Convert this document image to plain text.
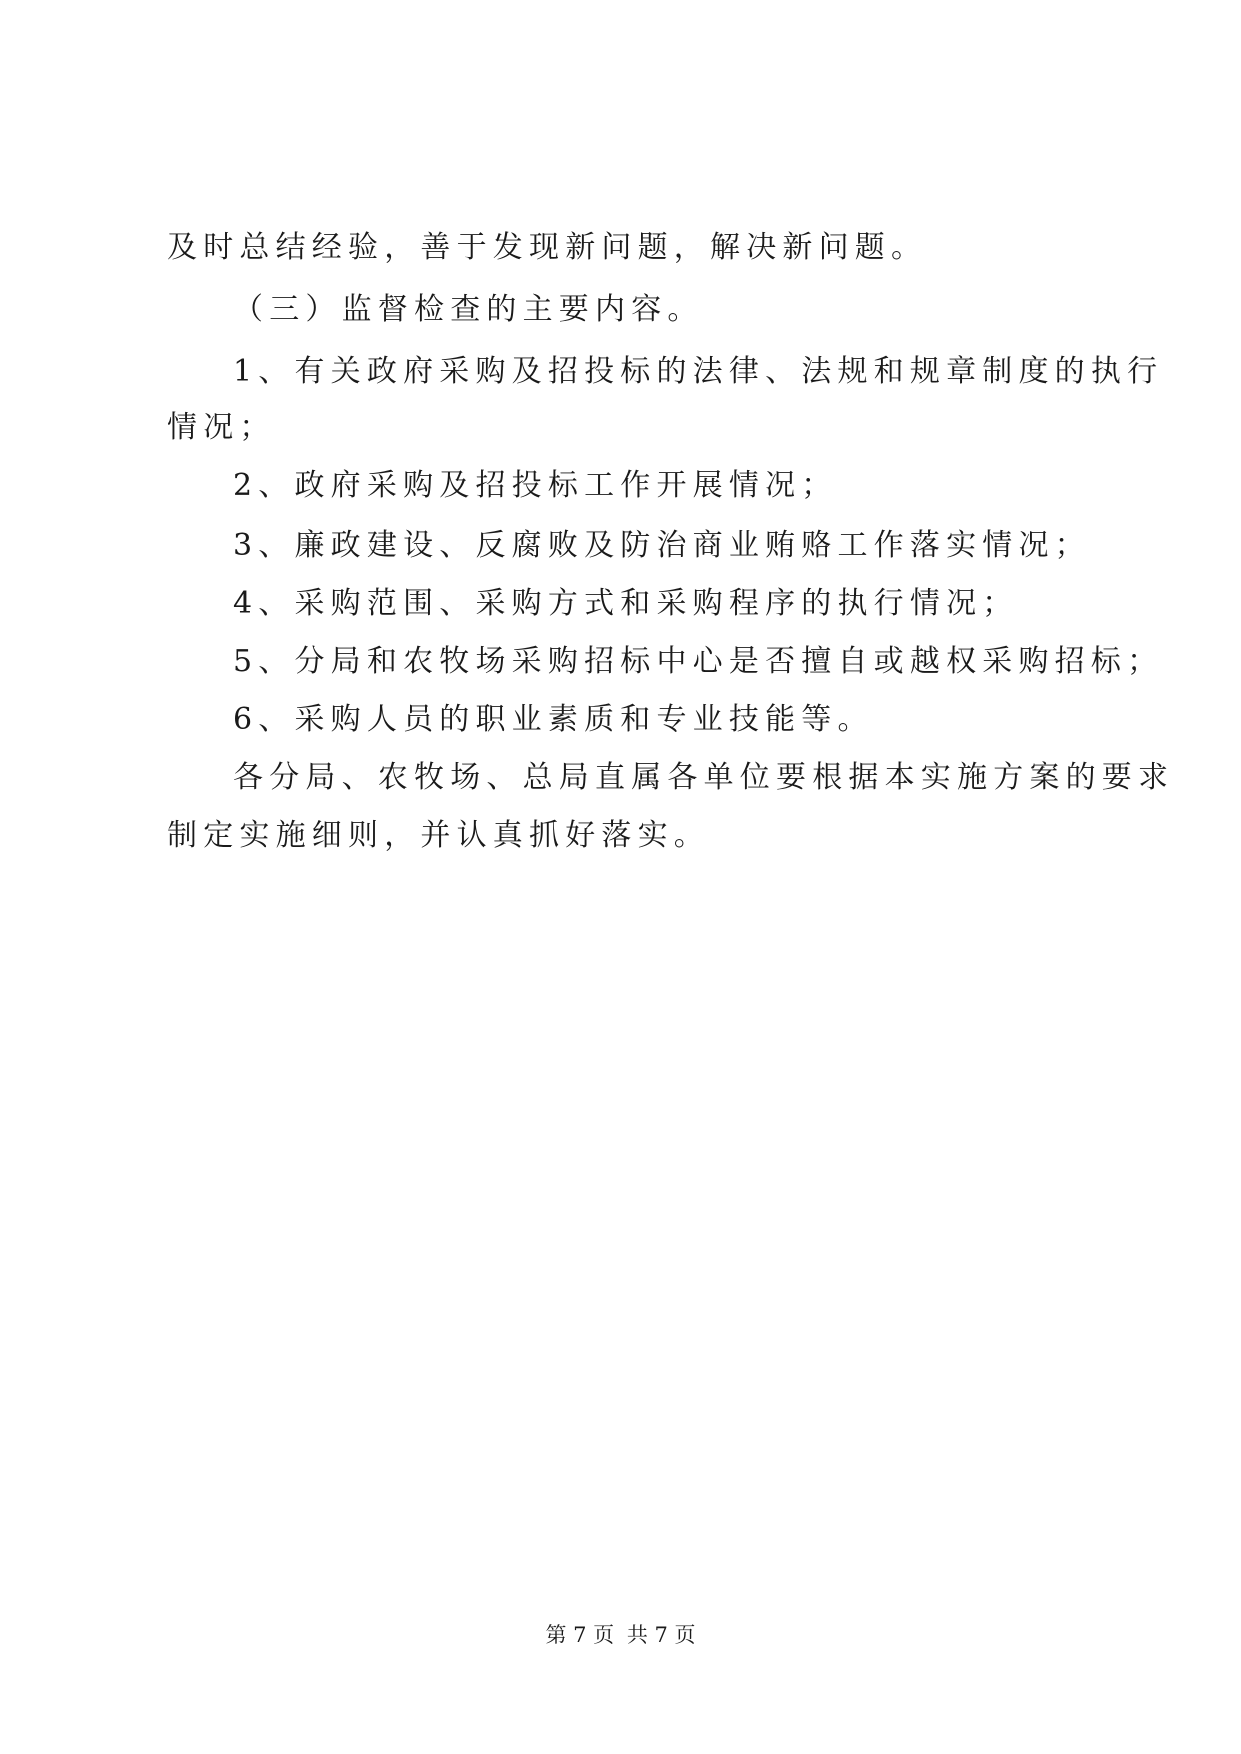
及时总结经验，善于发现新问题，解决新问题。
（三）监督检查的主要内容。
1、有关政府采购及招投标的法律、法规和规章制度的执行
情况；
2、政府采购及招投标工作开展情况；
3、廉政建设、反腐败及防治商业贿赂工作落实情况；
4、采购范围、采购方式和采购程序的执行情况；
5、分局和农牧场采购招标中心是否擅自或越权采购招标；
6、采购人员的职业素质和专业技能等。
各分局、农牧场、总局直属各单位要根据本实施方案的要求
制定实施细则，并认真抓好落实。
第 7 页 共 7 页
